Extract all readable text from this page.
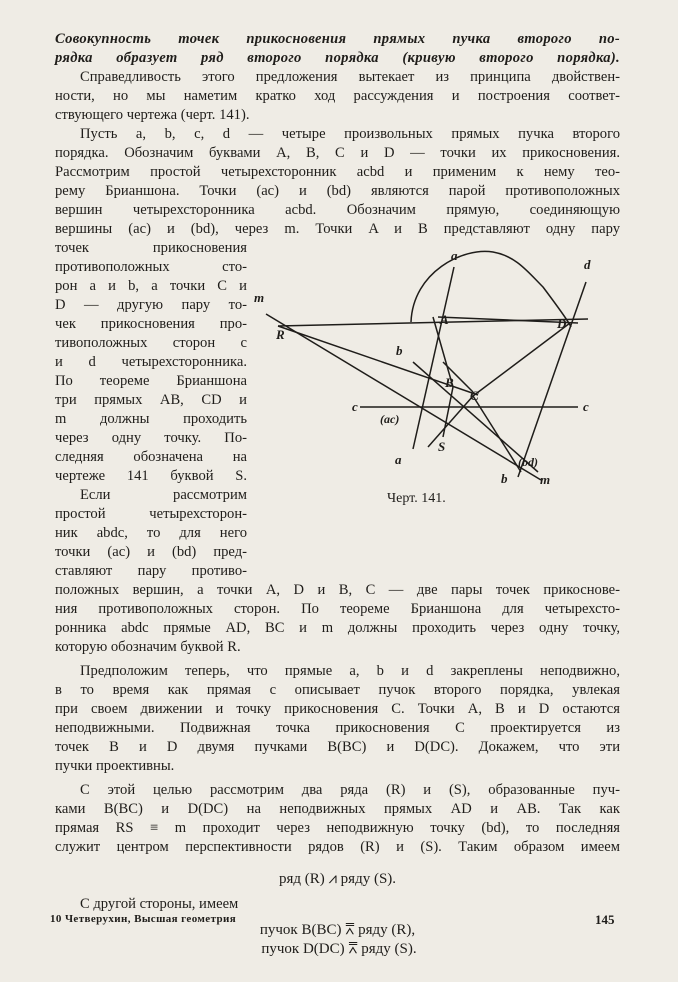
Совокупность точек прикосновения прямых пучка второго по-
рядка образует ряд второго порядка (кривую второго порядка).
Справедливость этого предложения вытекает из принципа двойствен-
ности, но мы наметим кратко ход рассуждения и построения соответ-
ствующего чертежа (черт. 141).
Пусть a, b, c, d — четыре произвольных прямых пучка второго
порядка. Обозначим буквами A, B, C и D — точки их прикосновения.
Рассмотрим простой четырехсторонник acbd и применим к нему тео-
рему Брианшона. Точки (ac) и (bd) являются парой противоположных
вершин четырехсторонника acbd. Обозначим прямую, соединяющую
вершины (ac) и (bd), через m. Точки A и B представляют одну пару
точек прикосновения
противоположных сто-
рон a и b, а точки C и
D — другую пару то-
чек прикосновения про-
тивоположных сторон c
и d четырехсторонника.
По теореме Брианшона
три прямых AB, CD и
m должны проходить
через одну точку. По-
следняя обозначена на
чертеже 141 буквой S.
Если рассмотрим
простой четырехсторон-
ник abdc, то для него
точки (ac) и (bd) пред-
ставляют пару противо-
a
d
m
R
A	D
b
B
C
c	c
(ac)
S
a	(bd)
b	m
Черт. 141.
положных вершин, а точки A, D и B, C — две пары точек прикоснове-
ния противоположных сторон. По теореме Брианшона для четырехсто-
ронника abdc прямые AD, BC и m должны проходить через одну точку,
которую обозначим буквой R.
Предположим теперь, что прямые a, b и d закреплены неподвижно,
в то время как прямая c описывает пучок второго порядка, увлекая
при своем движении и точку прикосновения C. Точки A, B и D остаются
неподвижными. Подвижная точка прикосновения C проектируется из
точек B и D двумя пучками B(BC) и D(DC). Докажем, что эти
пучки проективны.
С этой целью рассмотрим два ряда (R) и (S), образованные пуч-
ками B(BC) и D(DC) на неподвижных прямых AD и AB. Так как
прямая RS ≡ m проходит через неподвижную точку (bd), то последняя
служит центром перспективности рядов (R) и (S). Таким образом имеем
ряд (R) ⩘ ряду (S).
С другой стороны, имеем
пучок B(BC) ⩞ ряду (R),
10 Четверухин, Высшая геометрия	145
пучок D(DC) ⩞ ряду (S).
